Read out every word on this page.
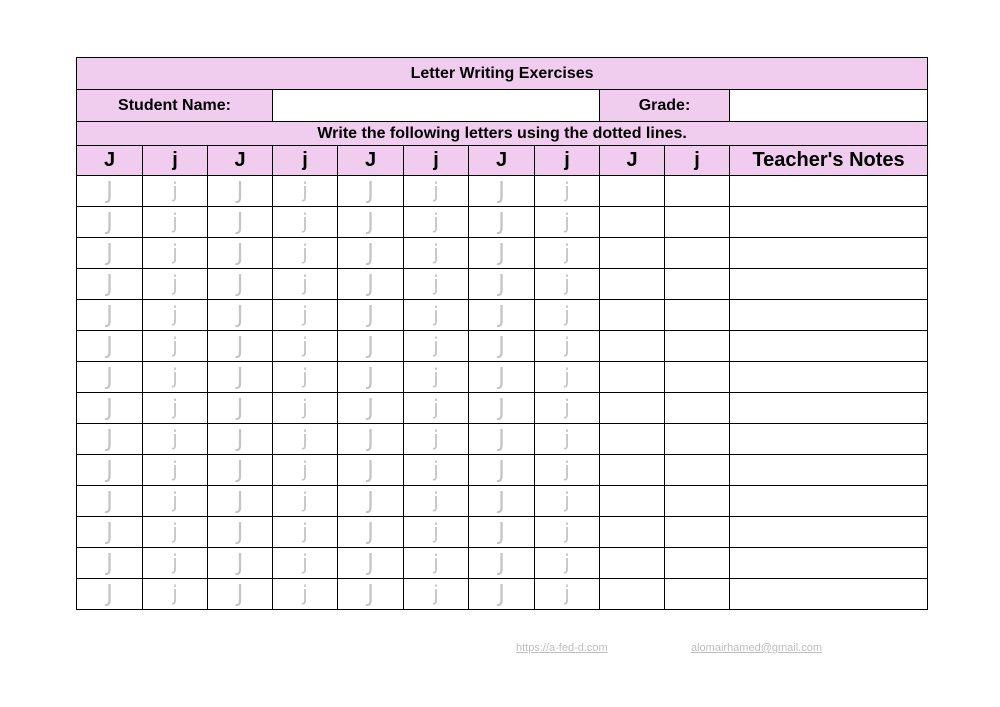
Letter Writing Exercises										
Student Name:								Grade:		
Write the following letters using the dotted lines.										
J	j	J	j	J	j	J	j	J	j	Teacher's Notes
J	j	J	j	J	j	J	j			
J	j	J	j	J	j	J	j			
J	j	J	j	J	j	J	j			
J	j	J	j	J	j	J	j			
J	j	J	j	J	j	J	j			
J	j	J	j	J	j	J	j			
J	j	J	j	J	j	J	j			
J	j	J	j	J	j	J	j			
J	j	J	j	J	j	J	j			
J	j	J	j	J	j	J	j			
J	j	J	j	J	j	J	j			
J	j	J	j	J	j	J	j			
J	j	J	j	J	j	J	j			
J	j	J	j	J	j	J	j			
https://a-fed-d.com	alomairhamed@gmail.com
